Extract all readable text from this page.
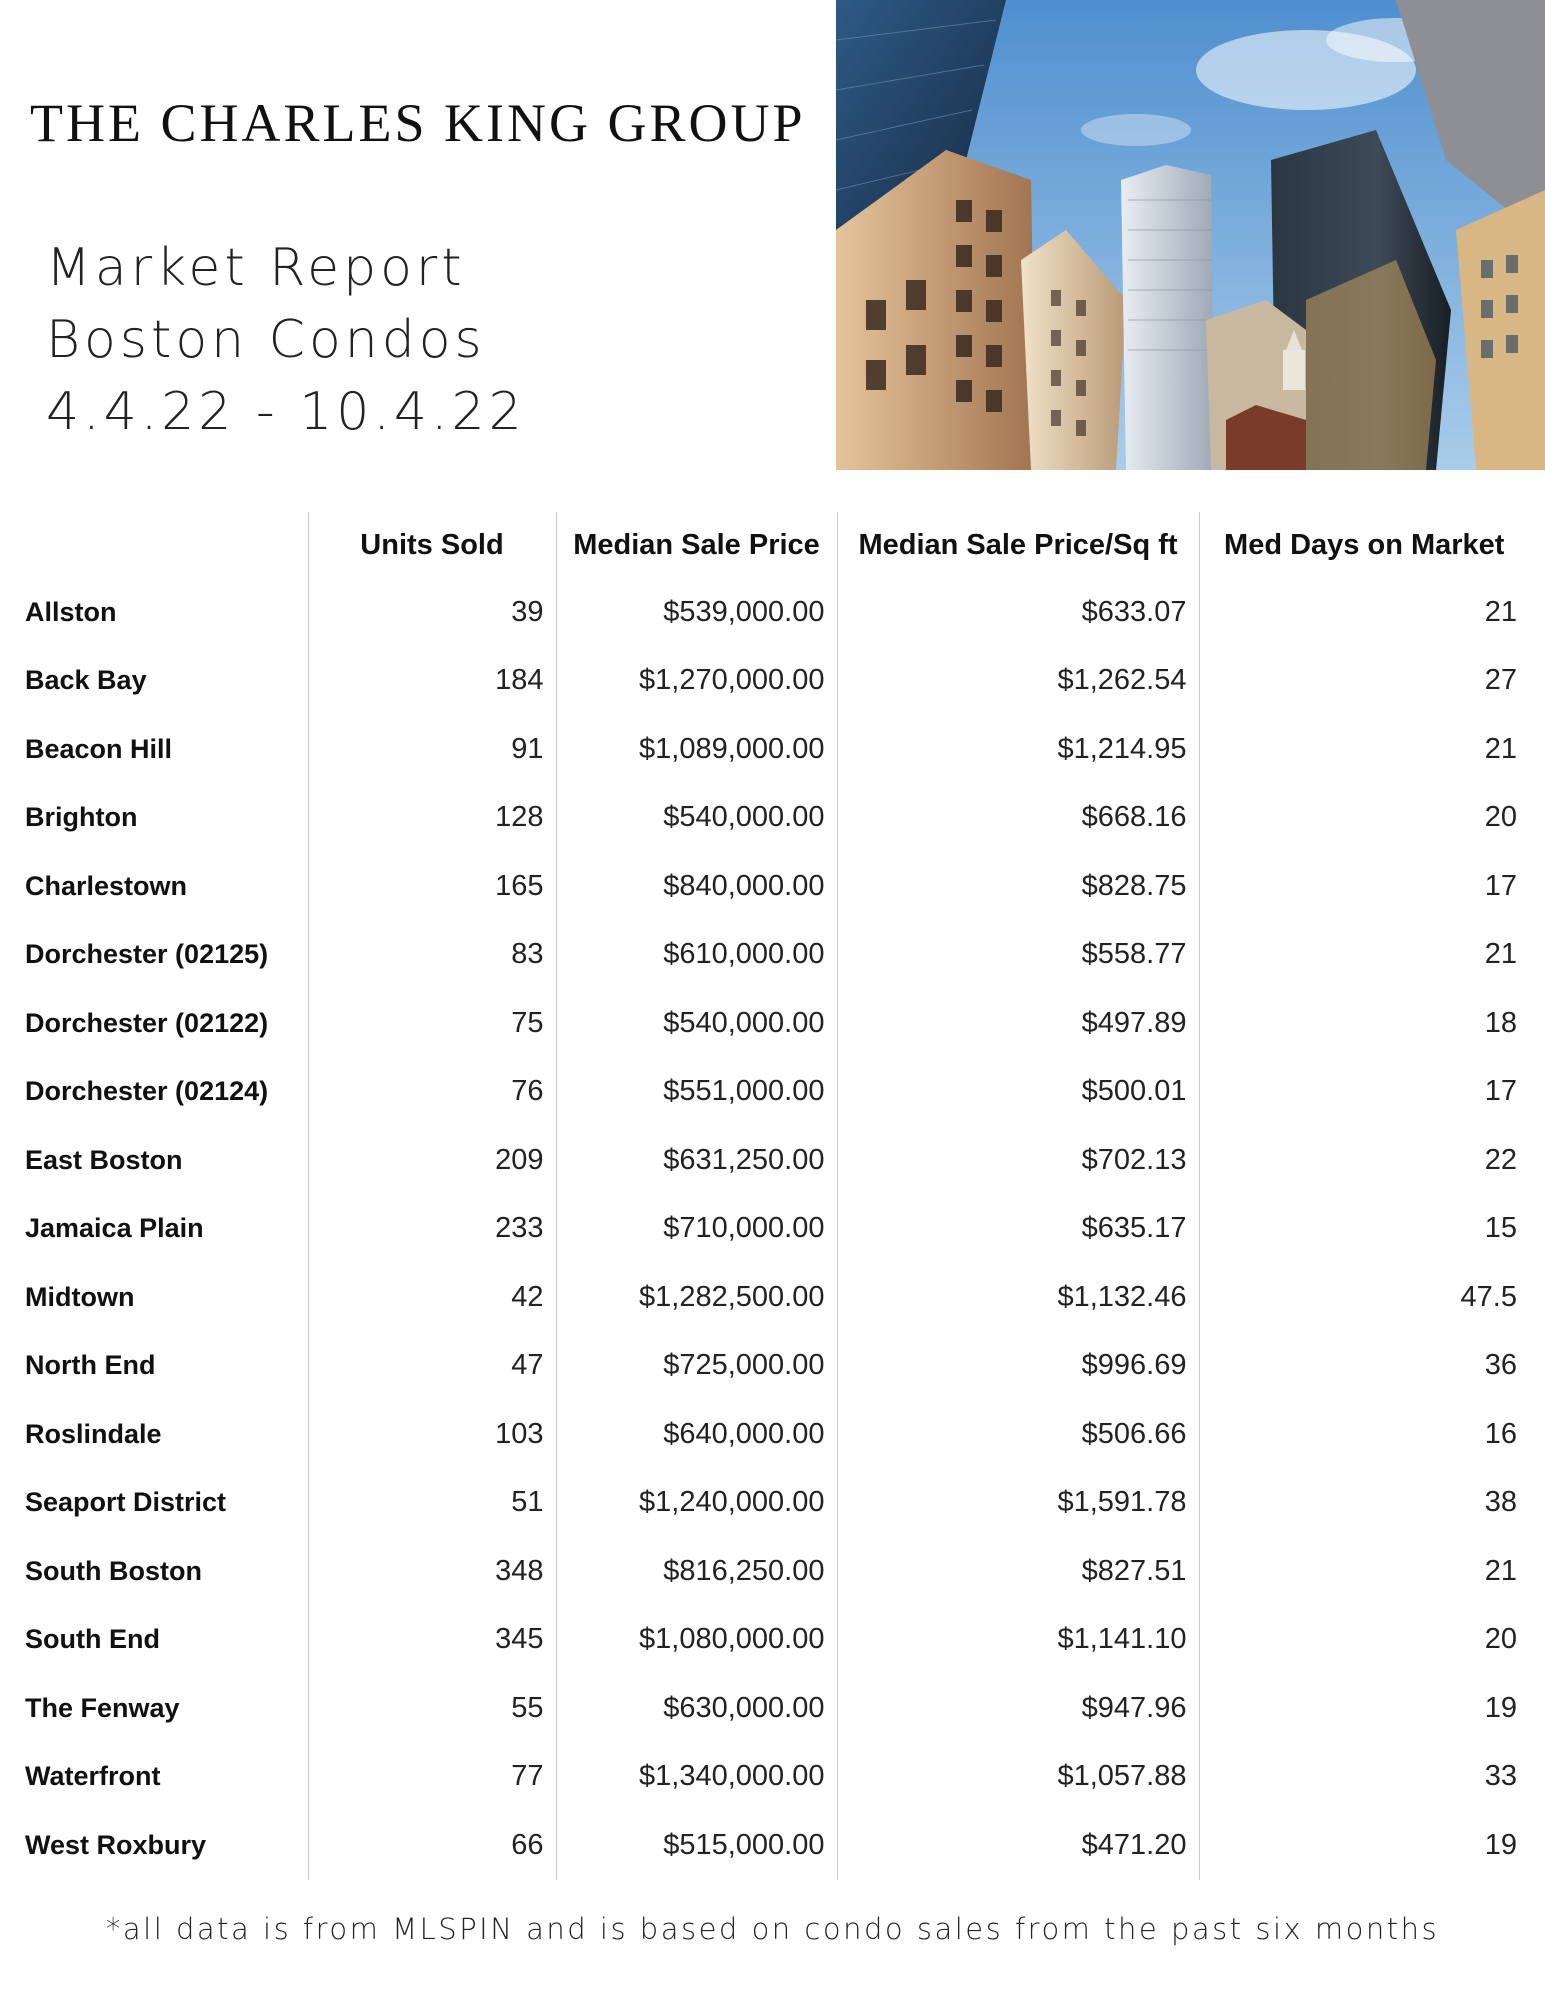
THE CHARLES KING GROUP
Market Report
Boston Condos
4.4.22 - 10.4.22
	Units Sold	Median Sale Price	Median Sale Price/Sq ft	Med Days on Market
Allston	39	$539,000.00	$633.07	21
Back Bay	184	$1,270,000.00	$1,262.54	27
Beacon Hill	91	$1,089,000.00	$1,214.95	21
Brighton	128	$540,000.00	$668.16	20
Charlestown	165	$840,000.00	$828.75	17
Dorchester (02125)	83	$610,000.00	$558.77	21
Dorchester (02122)	75	$540,000.00	$497.89	18
Dorchester (02124)	76	$551,000.00	$500.01	17
East Boston	209	$631,250.00	$702.13	22
Jamaica Plain	233	$710,000.00	$635.17	15
Midtown	42	$1,282,500.00	$1,132.46	47.5
North End	47	$725,000.00	$996.69	36
Roslindale	103	$640,000.00	$506.66	16
Seaport District	51	$1,240,000.00	$1,591.78	38
South Boston	348	$816,250.00	$827.51	21
South End	345	$1,080,000.00	$1,141.10	20
The Fenway	55	$630,000.00	$947.96	19
Waterfront	77	$1,340,000.00	$1,057.88	33
West Roxbury	66	$515,000.00	$471.20	19
*all data is from MLSPIN and is based on condo sales from the past six months
